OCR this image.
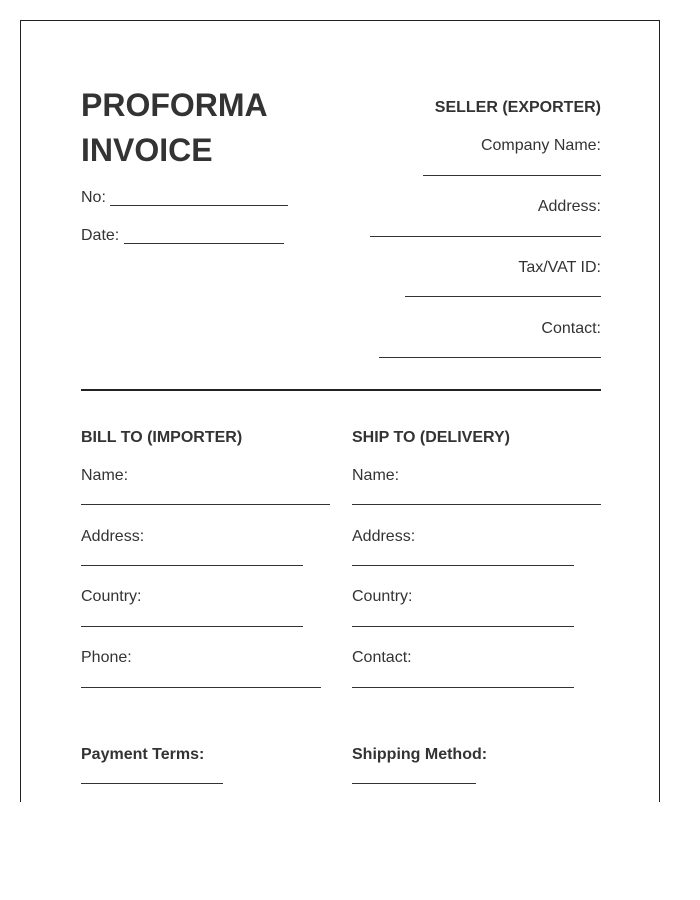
PROFORMA
INVOICE
No:
Date:
SELLER (EXPORTER)
Company Name:
Address:
Tax/VAT ID:
Contact:
BILL TO (IMPORTER)
Name:
Address:
Country:
Phone:
SHIP TO (DELIVERY)
Name:
Address:
Country:
Contact:
Payment Terms:	Shipping Method:
